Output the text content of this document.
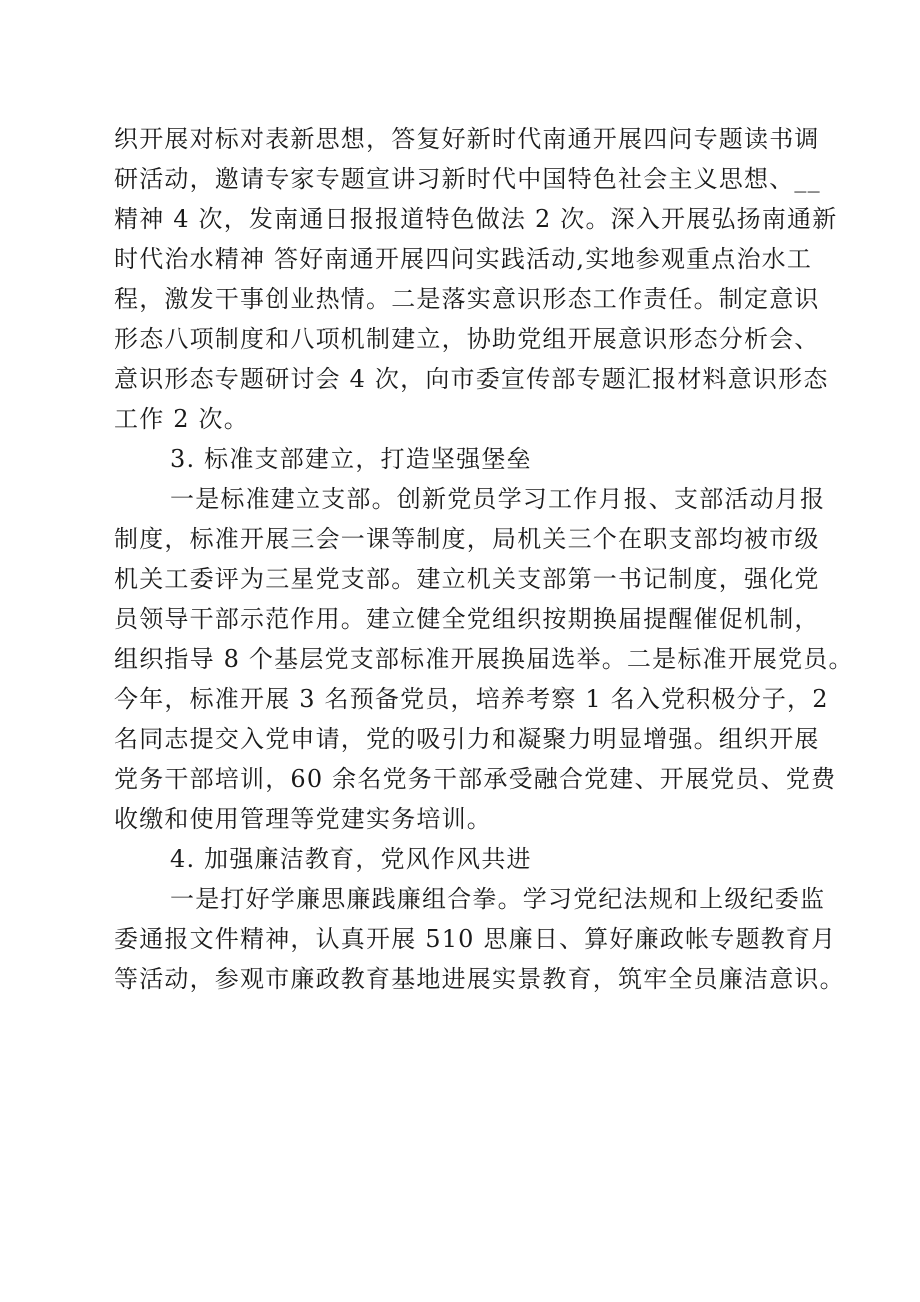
织开展对标对表新思想，答复好新时代南通开展四问专题读书调
研活动，邀请专家专题宣讲习新时代中国特色社会主义思想、__
精神 4 次，发南通日报报道特色做法 2 次。深入开展弘扬南通新
时代治水精神 答好南通开展四问实践活动,实地参观重点治水工
程，激发干事创业热情。二是落实意识形态工作责任。制定意识
形态八项制度和八项机制建立，协助党组开展意识形态分析会、
意识形态专题研讨会 4 次，向市委宣传部专题汇报材料意识形态
工作 2 次。
3. 标准支部建立，打造坚强堡垒
一是标准建立支部。创新党员学习工作月报、支部活动月报
制度，标准开展三会一课等制度，局机关三个在职支部均被市级
机关工委评为三星党支部。建立机关支部第一书记制度，强化党
员领导干部示范作用。建立健全党组织按期换届提醒催促机制，
组织指导 8 个基层党支部标准开展换届选举。二是标准开展党员。
今年，标准开展 3 名预备党员，培养考察 1 名入党积极分子，2
名同志提交入党申请，党的吸引力和凝聚力明显增强。组织开展
党务干部培训，60 余名党务干部承受融合党建、开展党员、党费
收缴和使用管理等党建实务培训。
4. 加强廉洁教育，党风作风共进
一是打好学廉思廉践廉组合拳。学习党纪法规和上级纪委监
委通报文件精神，认真开展 510 思廉日、算好廉政帐专题教育月
等活动，参观市廉政教育基地进展实景教育，筑牢全员廉洁意识。
